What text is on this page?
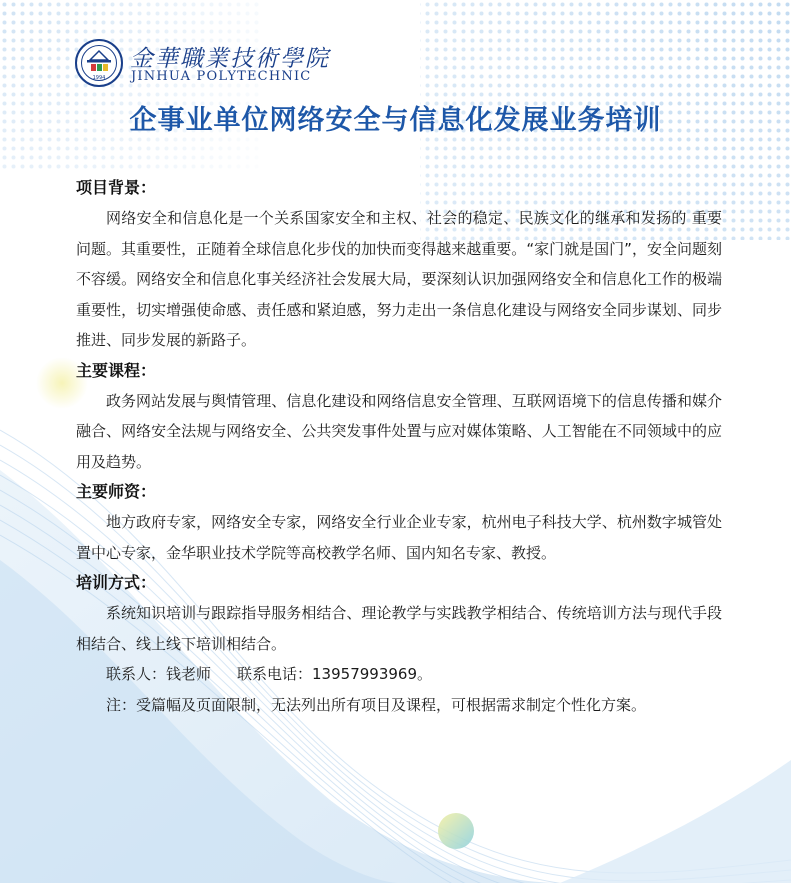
1994
金華職業技術學院
JINHUA POLYTECHNIC
企事业单位网络安全与信息化发展业务培训

项目背景：

网络安全和信息化是一个关系国家安全和主权、社会的稳定、民族文化的继承和发扬的 重要问题。其重要性，正随着全球信息化步伐的加快而变得越来越重要。“家门就是国门”，安全问题刻不容缓。网络安全和信息化事关经济社会发展大局，要深刻认识加强网络安全和信息化工作的极端重要性，切实增强使命感、责任感和紧迫感，努力走出一条信息化建设与网络安全同步谋划、同步推进、同步发展的新路子。

主要课程：

政务网站发展与舆情管理、信息化建设和网络信息安全管理、互联网语境下的信息传播和媒介融合、网络安全法规与网络安全、公共突发事件处置与应对媒体策略、人工智能在不同领域中的应用及趋势。

主要师资：

地方政府专家，网络安全专家，网络安全行业企业专家，杭州电子科技大学、杭州数字城管处置中心专家，金华职业技术学院等高校教学名师、国内知名专家、教授。

培训方式：

系统知识培训与跟踪指导服务相结合、理论教学与实践教学相结合、传统培训方法与现代手段相结合、线上线下培训相结合。

联系人：钱老师 联系电话：13957993969。

注：受篇幅及页面限制，无法列出所有项目及课程，可根据需求制定个性化方案。
